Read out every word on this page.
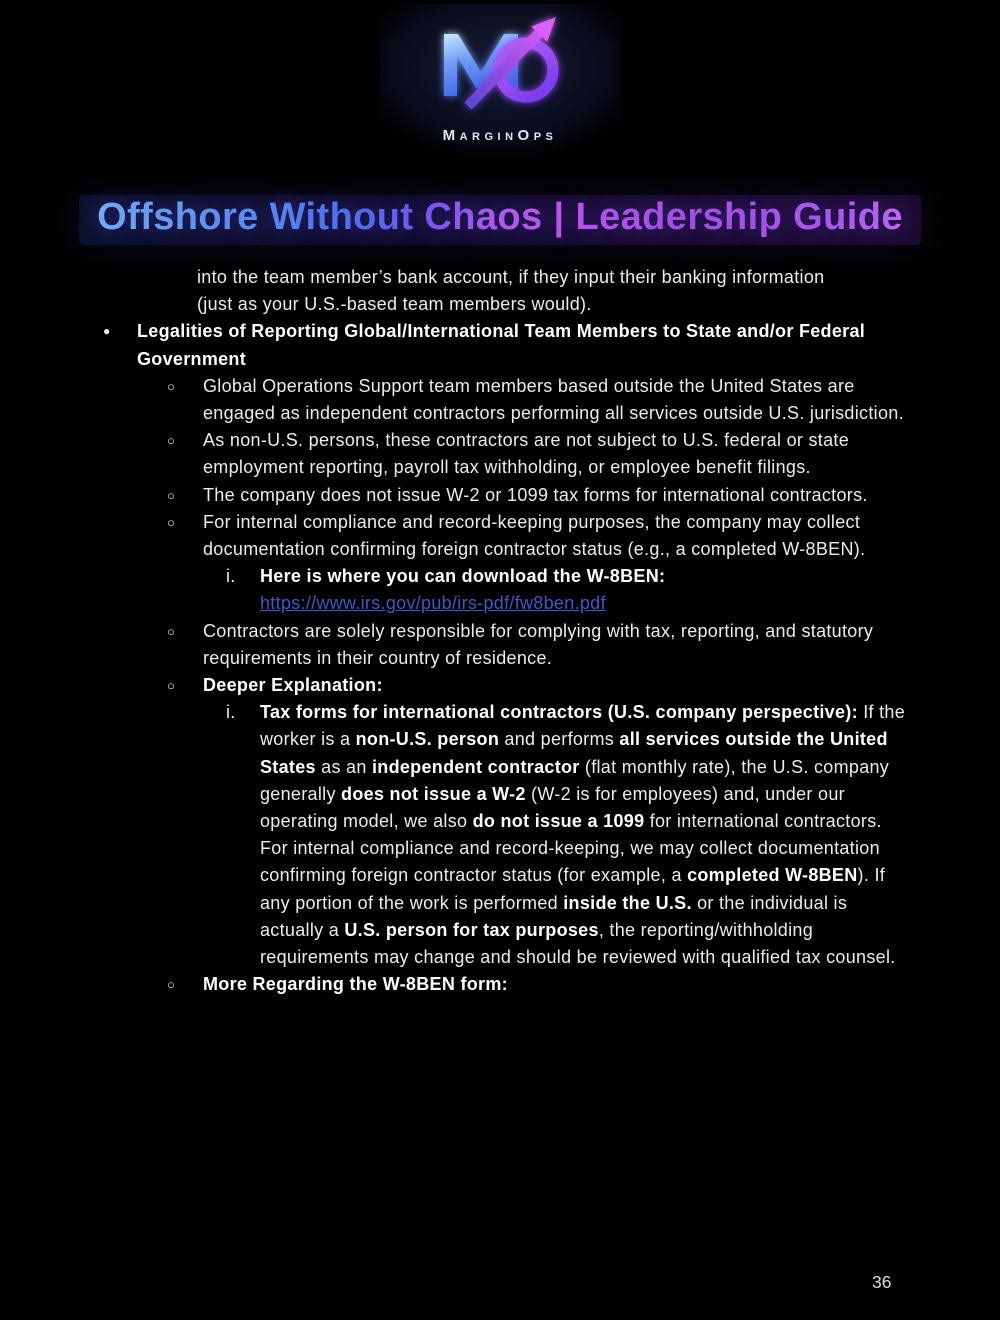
MarginOps
Offshore Without Chaos | Leadership Guide
into the team member’s bank account, if they input their banking information (just as your U.S.-based team members would).
●	Legalities of Reporting Global/International Team Members to State and/or Federal Government
○	Global Operations Support team members based outside the United States are engaged as independent contractors performing all services outside U.S. jurisdiction.
○	As non-U.S. persons, these contractors are not subject to U.S. federal or state employment reporting, payroll tax withholding, or employee benefit filings.
○	The company does not issue W-2 or 1099 tax forms for international contractors.
○	For internal compliance and record-keeping purposes, the company may collect documentation confirming foreign contractor status (e.g., a completed W-8BEN).
i.	Here is where you can download the W-8BEN:
https://www.irs.gov/pub/irs-pdf/fw8ben.pdf
○	Contractors are solely responsible for complying with tax, reporting, and statutory requirements in their country of residence.
○	Deeper Explanation:
i.	Tax forms for international contractors (U.S. company perspective): If the worker is a non-U.S. person and performs all services outside the United States as an independent contractor (flat monthly rate), the U.S. company generally does not issue a W-2 (W-2 is for employees) and, under our operating model, we also do not issue a 1099 for international contractors. For internal compliance and record-keeping, we may collect documentation confirming foreign contractor status (for example, a completed W-8BEN). If any portion of the work is performed inside the U.S. or the individual is actually a U.S. person for tax purposes, the reporting/withholding requirements may change and should be reviewed with qualified tax counsel.
○	More Regarding the W-8BEN form:
36
